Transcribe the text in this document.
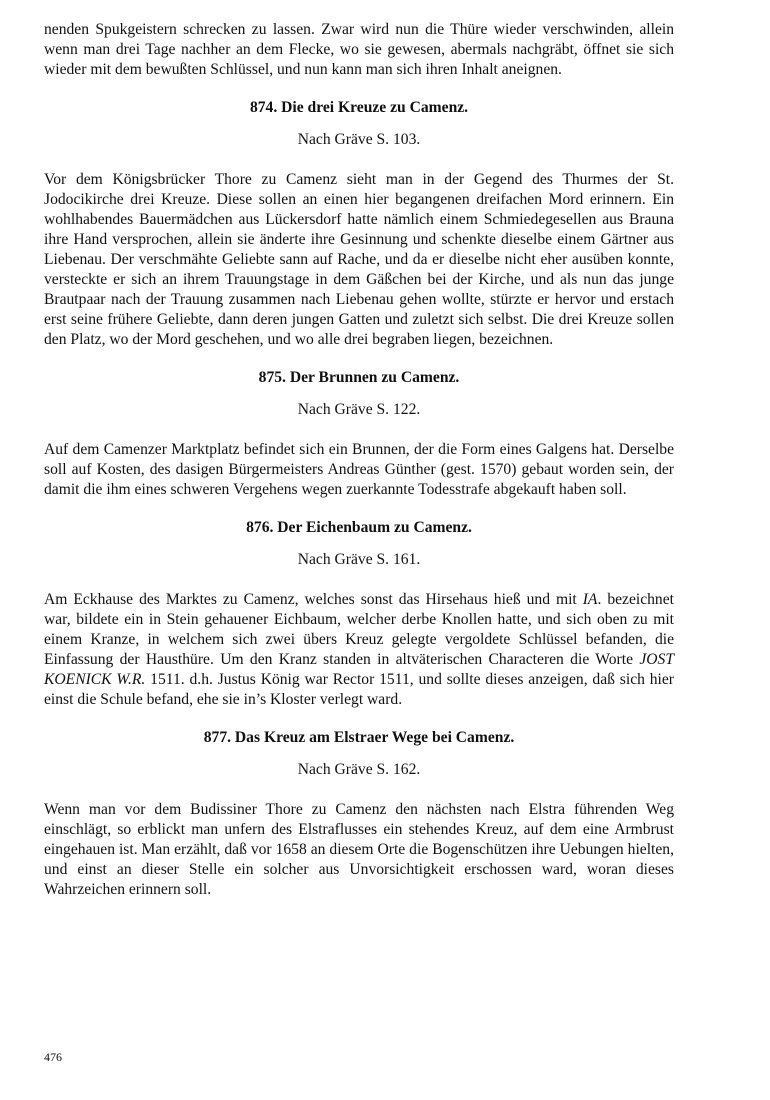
nenden Spukgeistern schrecken zu lassen. Zwar wird nun die Thüre wieder verschwinden, allein wenn man drei Tage nachher an dem Flecke, wo sie gewesen, abermals nachgräbt, öffnet sie sich wieder mit dem bewußten Schlüssel, und nun kann man sich ihren Inhalt aneignen.

874. Die drei Kreuze zu Camenz.

Nach Gräve S. 103.

Vor dem Königsbrücker Thore zu Camenz sieht man in der Gegend des Thurmes der St. Jodocikirche drei Kreuze. Diese sollen an einen hier begangenen dreifachen Mord erinnern. Ein wohlhabendes Bauermädchen aus Lückersdorf hatte nämlich einem Schmiedegesellen aus Brauna ihre Hand versprochen, allein sie änderte ihre Gesinnung und schenkte dieselbe einem Gärtner aus Liebenau. Der verschmähte Geliebte sann auf Rache, und da er dieselbe nicht eher ausüben konnte, versteckte er sich an ihrem Trauungstage in dem Gäßchen bei der Kirche, und als nun das junge Brautpaar nach der Trauung zusammen nach Liebenau gehen wollte, stürzte er hervor und erstach erst seine frühere Geliebte, dann deren jungen Gatten und zuletzt sich selbst. Die drei Kreuze sollen den Platz, wo der Mord geschehen, und wo alle drei begraben liegen, bezeichnen.

875. Der Brunnen zu Camenz.

Nach Gräve S. 122.

Auf dem Camenzer Marktplatz befindet sich ein Brunnen, der die Form eines Galgens hat. Derselbe soll auf Kosten, des dasigen Bürgermeisters Andreas Günther (gest. 1570) gebaut worden sein, der damit die ihm eines schweren Vergehens wegen zuerkannte Todesstrafe abgekauft haben soll.

876. Der Eichenbaum zu Camenz.

Nach Gräve S. 161.

Am Eckhause des Marktes zu Camenz, welches sonst das Hirsehaus hieß und mit IA. bezeichnet war, bildete ein in Stein gehauener Eichbaum, welcher derbe Knollen hatte, und sich oben zu mit einem Kranze, in welchem sich zwei übers Kreuz gelegte vergoldete Schlüssel befanden, die Einfassung der Hausthüre. Um den Kranz standen in altväterischen Characteren die Worte JOST KOENICK W.R. 1511. d.h. Justus König war Rector 1511, und sollte dieses anzeigen, daß sich hier einst die Schule befand, ehe sie in’s Kloster verlegt ward.

877. Das Kreuz am Elstraer Wege bei Camenz.

Nach Gräve S. 162.

Wenn man vor dem Budissiner Thore zu Camenz den nächsten nach Elstra führenden Weg einschlägt, so erblickt man unfern des Elstraflusses ein stehendes Kreuz, auf dem eine Armbrust eingehauen ist. Man erzählt, daß vor 1658 an diesem Orte die Bogenschützen ihre Uebungen hielten, und einst an dieser Stelle ein solcher aus Unvorsichtigkeit erschossen ward, woran dieses Wahrzeichen erinnern soll.

476
